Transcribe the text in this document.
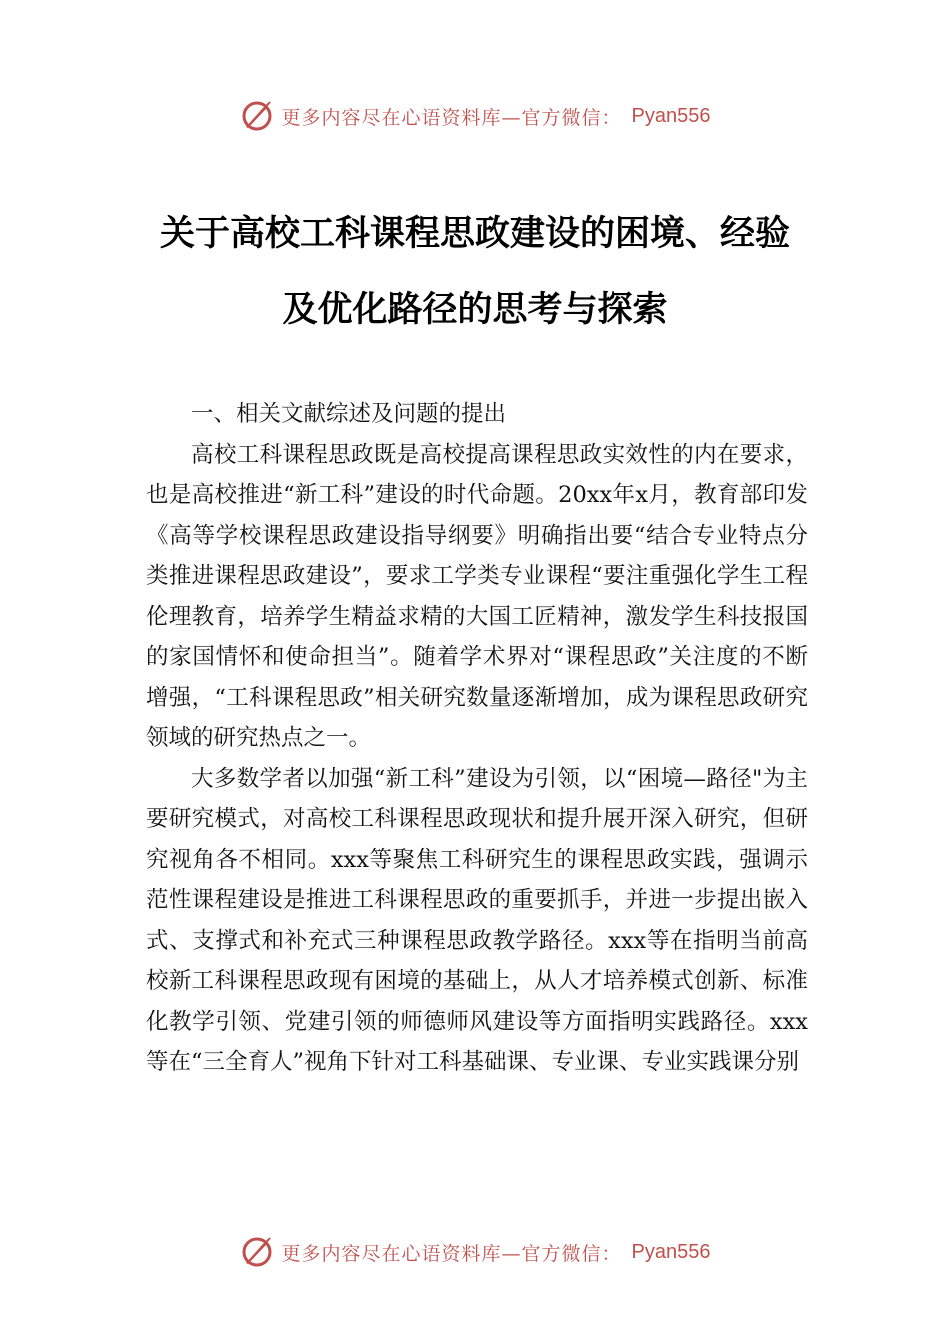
更多内容尽在心语资料库—官方微信： Pyan556
关于高校工科课程思政建设的困境、经验
及优化路径的思考与探索

一、相关文献综述及问题的提出

高校工科课程思政既是高校提高课程思政实效性的内在要求，也是高校推进“新工科”建设的时代命题。20xx年x月，教育部印发《高等学校课程思政建设指导纲要》明确指出要“结合专业特点分类推进课程思政建设”，要求工学类专业课程“要注重强化学生工程伦理教育，培养学生精益求精的大国工匠精神，激发学生科技报国的家国情怀和使命担当”。随着学术界对“课程思政”关注度的不断增强，“工科课程思政”相关研究数量逐渐增加，成为课程思政研究领域的研究热点之一。

大多数学者以加强“新工科”建设为引领，以“困境—路径"为主要研究模式，对高校工科课程思政现状和提升展开深入研究，但研究视角各不相同。xxx等聚焦工科研究生的课程思政实践，强调示范性课程建设是推进工科课程思政的重要抓手，并进一步提出嵌入式、支撑式和补充式三种课程思政教学路径。xxx等在指明当前高校新工科课程思政现有困境的基础上，从人才培养模式创新、标准化教学引领、党建引领的师德师风建设等方面指明实践路径。xxx等在“三全育人”视角下针对工科基础课、专业课、专业实践课分别

更多内容尽在心语资料库—官方微信： Pyan556
